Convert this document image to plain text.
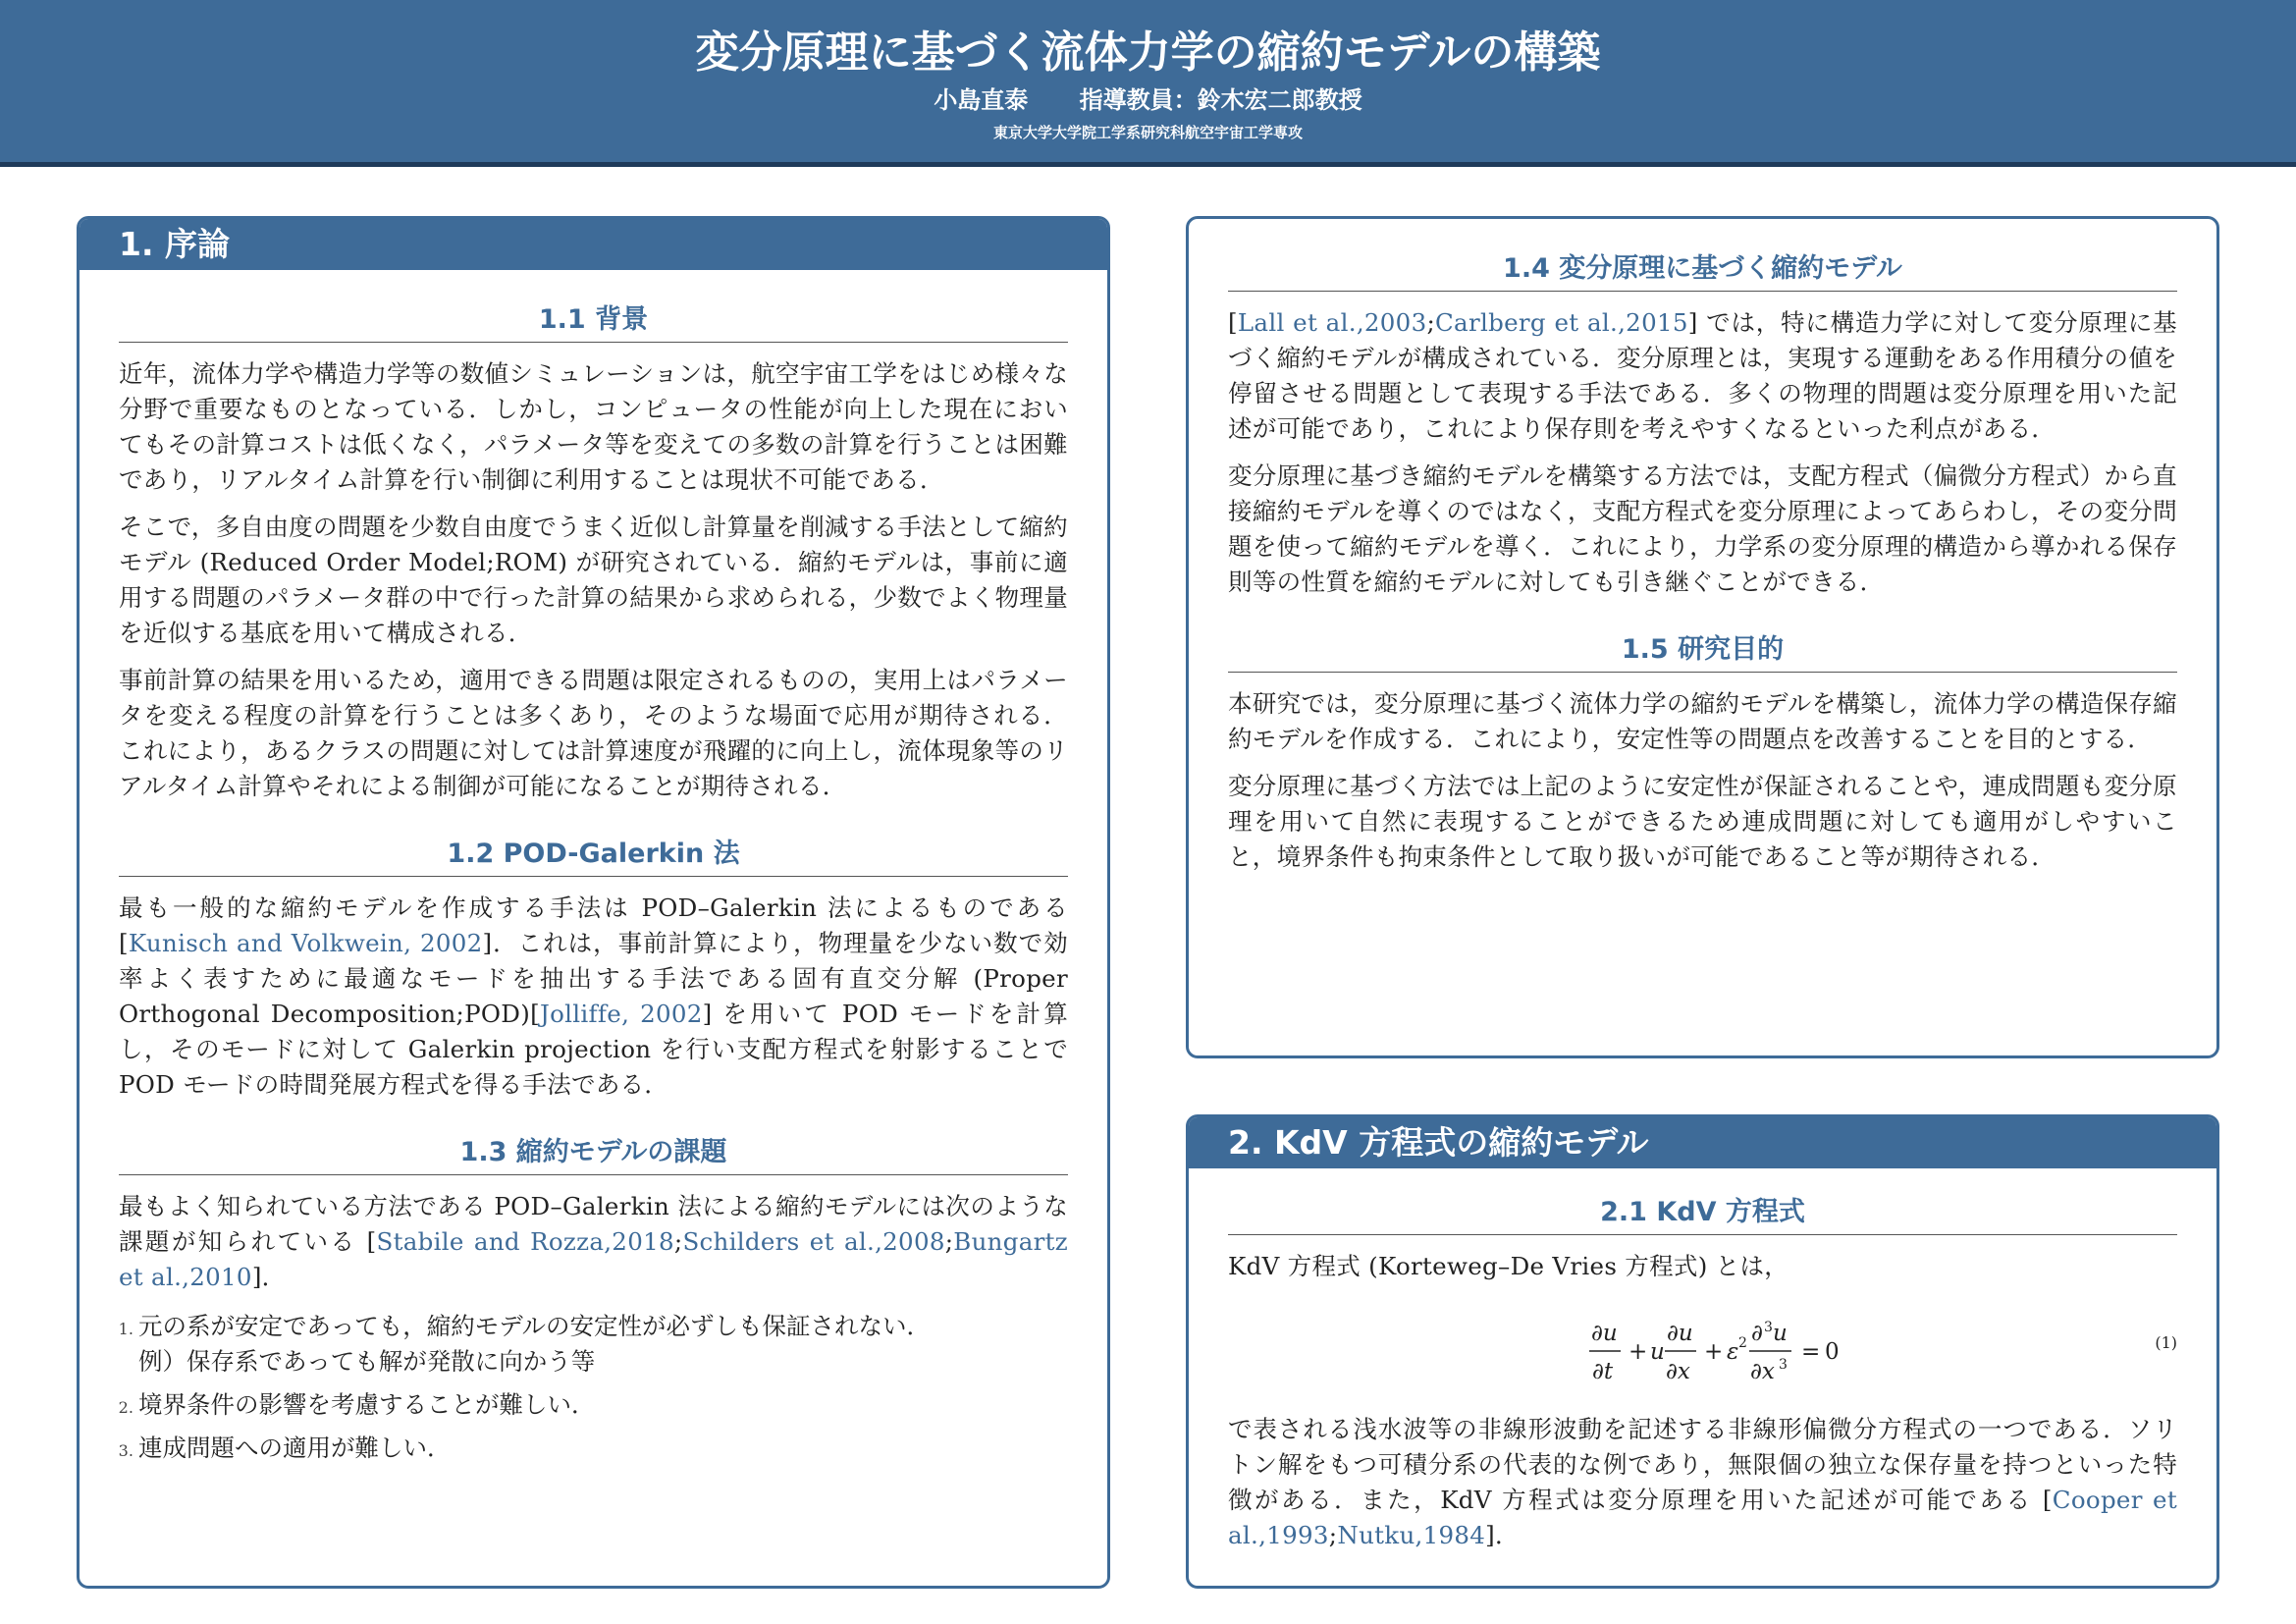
変分原理に基づく流体力学の縮約モデルの構築
小島直泰 指導教員：鈴木宏二郎教授
東京大学大学院工学系研究科航空宇宙工学専攻
1. 序論
1.1 背景

近年，流体力学や構造力学等の数値シミュレーションは，航空宇宙工学をはじめ様々な分野で重要なものとなっている．しかし，コンピュータの性能が向上した現在においてもその計算コストは低くなく，パラメータ等を変えての多数の計算を行うことは困難であり，リアルタイム計算を行い制御に利用することは現状不可能である．

そこで，多自由度の問題を少数自由度でうまく近似し計算量を削減する手法として縮約モデル (Reduced Order Model;ROM) が研究されている．縮約モデルは，事前に適用する問題のパラメータ群の中で行った計算の結果から求められる，少数でよく物理量を近似する基底を用いて構成される．

事前計算の結果を用いるため，適用できる問題は限定されるものの，実用上はパラメータを変える程度の計算を行うことは多くあり，そのような場面で応用が期待される．これにより，あるクラスの問題に対しては計算速度が飛躍的に向上し，流体現象等のリアルタイム計算やそれによる制御が可能になることが期待される．

1.2 POD-Galerkin 法

最も一般的な縮約モデルを作成する手法は POD–Galerkin 法によるものである [Kunisch and Volkwein, 2002]．これは，事前計算により，物理量を少ない数で効率よく表すために最適なモードを抽出する手法である固有直交分解 (Proper Orthogonal Decomposition;POD)[Jolliffe, 2002] を用いて POD モードを計算し，そのモードに対して Galerkin projection を行い支配方程式を射影することで POD モードの時間発展方程式を得る手法である．

1.3 縮約モデルの課題

最もよく知られている方法である POD–Galerkin 法による縮約モデルには次のような課題が知られている [Stabile and Rozza,2018;Schilders et al.,2008;Bungartz et al.,2010]．

1. 元の系が安定であっても，縮約モデルの安定性が必ずしも保証されない．
例）保存系であっても解が発散に向かう等
2. 境界条件の影響を考慮することが難しい．
3. 連成問題への適用が難しい．
1.4 変分原理に基づく縮約モデル

[Lall et al.,2003;Carlberg et al.,2015] では，特に構造力学に対して変分原理に基づく縮約モデルが構成されている．変分原理とは，実現する運動をある作用積分の値を停留させる問題として表現する手法である．多くの物理的問題は変分原理を用いた記述が可能であり，これにより保存則を考えやすくなるといった利点がある．

変分原理に基づき縮約モデルを構築する方法では，支配方程式（偏微分方程式）から直接縮約モデルを導くのではなく，支配方程式を変分原理によってあらわし，その変分問題を使って縮約モデルを導く．これにより，力学系の変分原理的構造から導かれる保存則等の性質を縮約モデルに対しても引き継ぐことができる．

1.5 研究目的

本研究では，変分原理に基づく流体力学の縮約モデルを構築し，流体力学の構造保存縮約モデルを作成する．これにより，安定性等の問題点を改善することを目的とする．

変分原理に基づく方法では上記のように安定性が保証されることや，連成問題も変分原理を用いて自然に表現することができるため連成問題に対しても適用がしやすいこと，境界条件も拘束条件として取り扱いが可能であること等が期待される．

2. KdV 方程式の縮約モデル
2.1 KdV 方程式

KdV 方程式 (Korteweg–De Vries 方程式) とは，

∂u
∂t
+ u
∂u
∂x
+ ε 2 ∂ 3 u
∂x 3 = 0	(1)

で表される浅水波等の非線形波動を記述する非線形偏微分方程式の一つである．ソリトン解をもつ可積分系の代表的な例であり，無限個の独立な保存量を持つといった特徴がある．また，KdV 方程式は変分原理を用いた記述が可能である [Cooper et al.,1993;Nutku,1984]．
